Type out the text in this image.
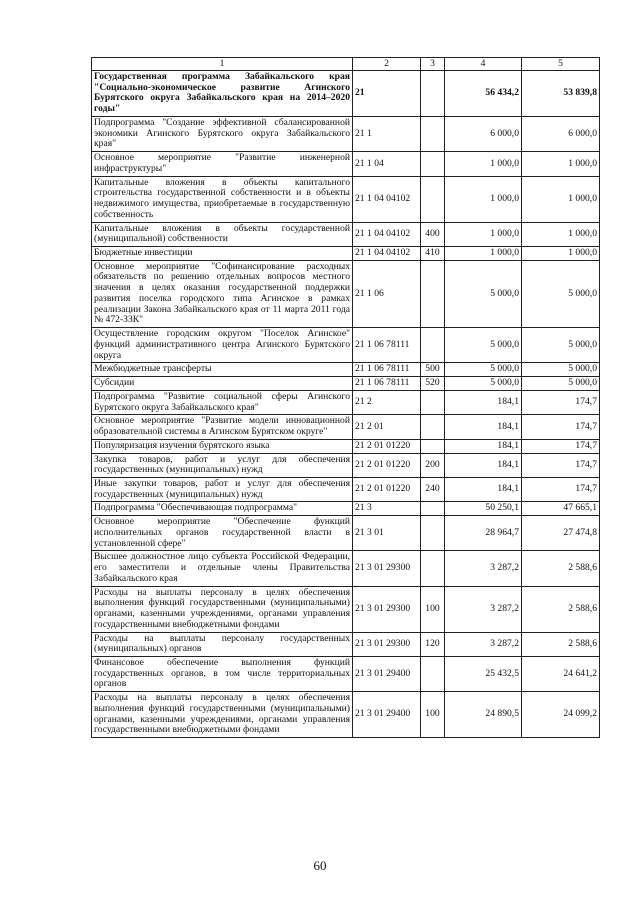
1	2	3	4	5
Государственная программа Забайкальского края "Социально-экономическое развитие Агинского Бурятского округа Забайкальского края на 2014–2020 годы"	21		56 434,2	53 839,8
Подпрограмма "Создание эффективной сбалансированной экономики Агинского Бурятского округа Забайкальского края"	21 1		6 000,0	6 000,0
Основное мероприятие "Развитие инженерной инфраструктуры"	21 1 04		1 000,0	1 000,0
Капитальные вложения в объекты капитального строительства государственной собственности и в объекты недвижимого имущества, приобретаемые в государственную собственность	21 1 04 04102		1 000,0	1 000,0
Капитальные вложения в объекты государственной (муниципальной) собственности	21 1 04 04102	400	1 000,0	1 000,0
Бюджетные инвестиции	21 1 04 04102	410	1 000,0	1 000,0
Основное мероприятие "Софинансирование расходных обязательств по решению отдельных вопросов местного значения в целях оказания государственной поддержки развития поселка городского типа Агинское в рамках реализации Закона Забайкальского края от 11 марта 2011 года № 472-ЗЗК"	21 1 06		5 000,0	5 000,0
Осуществление городским округом "Поселок Агинское" функций административного центра Агинского Бурятского округа	21 1 06 78111		5 000,0	5 000,0
Межбюджетные трансферты	21 1 06 78111	500	5 000,0	5 000,0
Субсидии	21 1 06 78111	520	5 000,0	5 000,0
Подпрограмма "Развитие социальной сферы Агинского Бурятского округа Забайкальского края"	21 2		184,1	174,7
Основное мероприятие "Развитие модели инновационной образовательной системы в Агинском Бурятском округе"	21 2 01		184,1	174,7
Популяризация изучения бурятского языка	21 2 01 01220		184,1	174,7
Закупка товаров, работ и услуг для обеспечения государственных (муниципальных) нужд	21 2 01 01220	200	184,1	174,7
Иные закупки товаров, работ и услуг для обеспечения государственных (муниципальных) нужд	21 2 01 01220	240	184,1	174,7
Подпрограмма "Обеспечивающая подпрограмма"	21 3		50 250,1	47 665,1
Основное мероприятие "Обеспечение функций исполнительных органов государственной власти в установленной сфере"	21 3 01		28 964,7	27 474,8
Высшее должностное лицо субъекта Российской Федерации, его заместители и отдельные члены Правительства Забайкальского края	21 3 01 29300		3 287,2	2 588,6
Расходы на выплаты персоналу в целях обеспечения выполнения функций государственными (муниципальными) органами, казенными учреждениями, органами управления государственными внебюджетными фондами	21 3 01 29300	100	3 287,2	2 588,6
Расходы на выплаты персоналу государственных (муниципальных) органов	21 3 01 29300	120	3 287,2	2 588,6
Финансовое обеспечение выполнения функций государственных органов, в том числе территориальных органов	21 3 01 29400		25 432,5	24 641,2
Расходы на выплаты персоналу в целях обеспечения выполнения функций государственными (муниципальными) органами, казенными учреждениями, органами управления государственными внебюджетными фондами	21 3 01 29400	100	24 890,5	24 099,2
60
